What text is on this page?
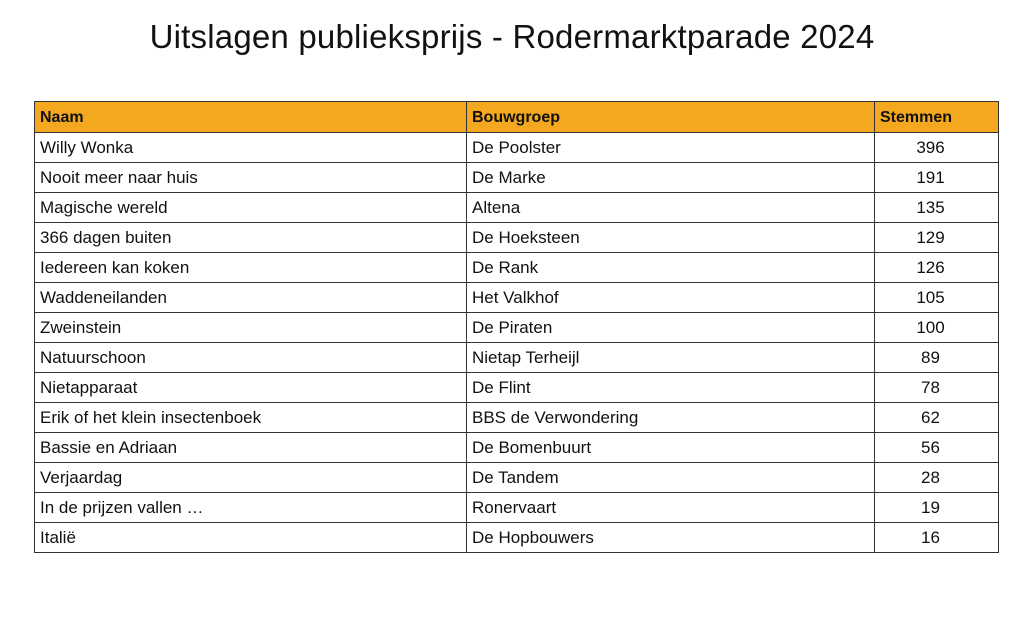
Uitslagen publieksprijs - Rodermarktparade 2024
Naam	Bouwgroep	Stemmen
Willy Wonka	De Poolster	396
Nooit meer naar huis	De Marke	191
Magische wereld	Altena	135
366 dagen buiten	De Hoeksteen	129
Iedereen kan koken	De Rank	126
Waddeneilanden	Het Valkhof	105
Zweinstein	De Piraten	100
Natuurschoon	Nietap Terheijl	89
Nietapparaat	De Flint	78
Erik of het klein insectenboek	BBS de Verwondering	62
Bassie en Adriaan	De Bomenbuurt	56
Verjaardag	De Tandem	28
In de prijzen vallen …	Ronervaart	19
Italië	De Hopbouwers	16
